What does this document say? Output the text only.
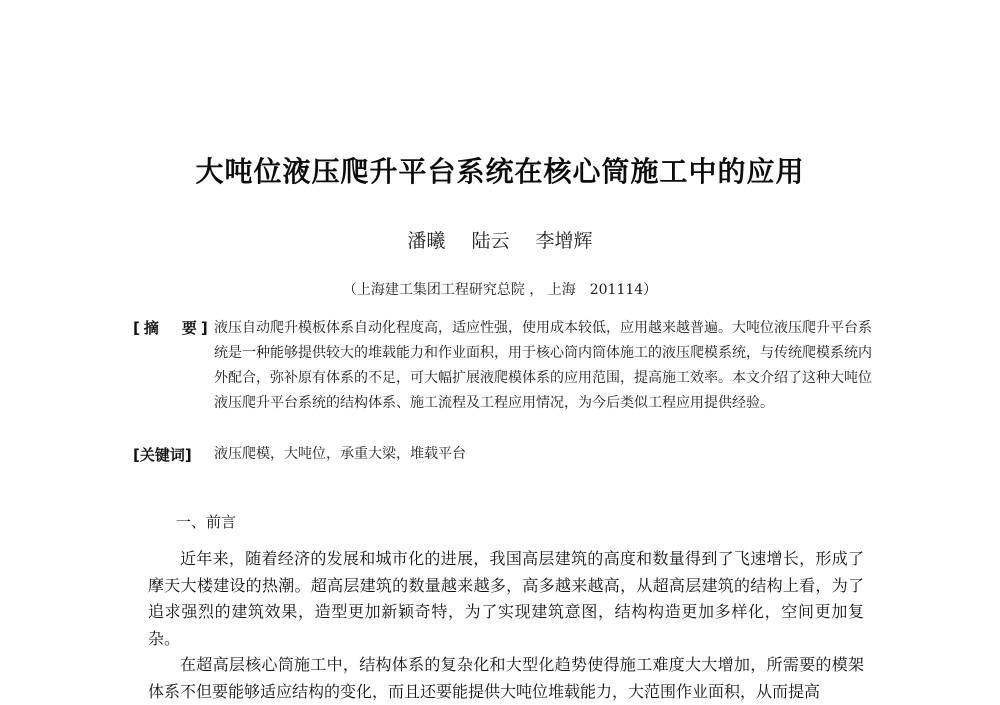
大吨位液压爬升平台系统在核心筒施工中的应用
潘曦 陆云 李增辉
（上海建工集团工程研究总院 ， 上海　201114）
[摘　要] 液压自动爬升模板体系自动化程度高，适应性强，使用成本较低，应用越来越普遍。大吨位液压爬升平台系统是一种能够提供较大的堆载能力和作业面积，用于核心筒内筒体施工的液压爬模系统，与传统爬模系统内外配合，弥补原有体系的不足，可大幅扩展液爬模体系的应用范围，提高施工效率。本文介绍了这种大吨位液压爬升平台系统的结构体系、施工流程及工程应用情况，为今后类似工程应用提供经验。
[关键词] 液压爬模，大吨位，承重大梁，堆载平台
一、前言

近年来，随着经济的发展和城市化的进展，我国高层建筑的高度和数量得到了飞速增长，形成了摩天大楼建设的热潮。超高层建筑的数量越来越多，高多越来越高，从超高层建筑的结构上看，为了追求强烈的建筑效果，造型更加新颖奇特，为了实现建筑意图，结构构造更加多样化，空间更加复杂。

在超高层核心筒施工中，结构体系的复杂化和大型化趋势使得施工难度大大增加，所需要的模架体系不但要能够适应结构的变化，而且还要能提供大吨位堆载能力，大范围作业面积，从而提高
